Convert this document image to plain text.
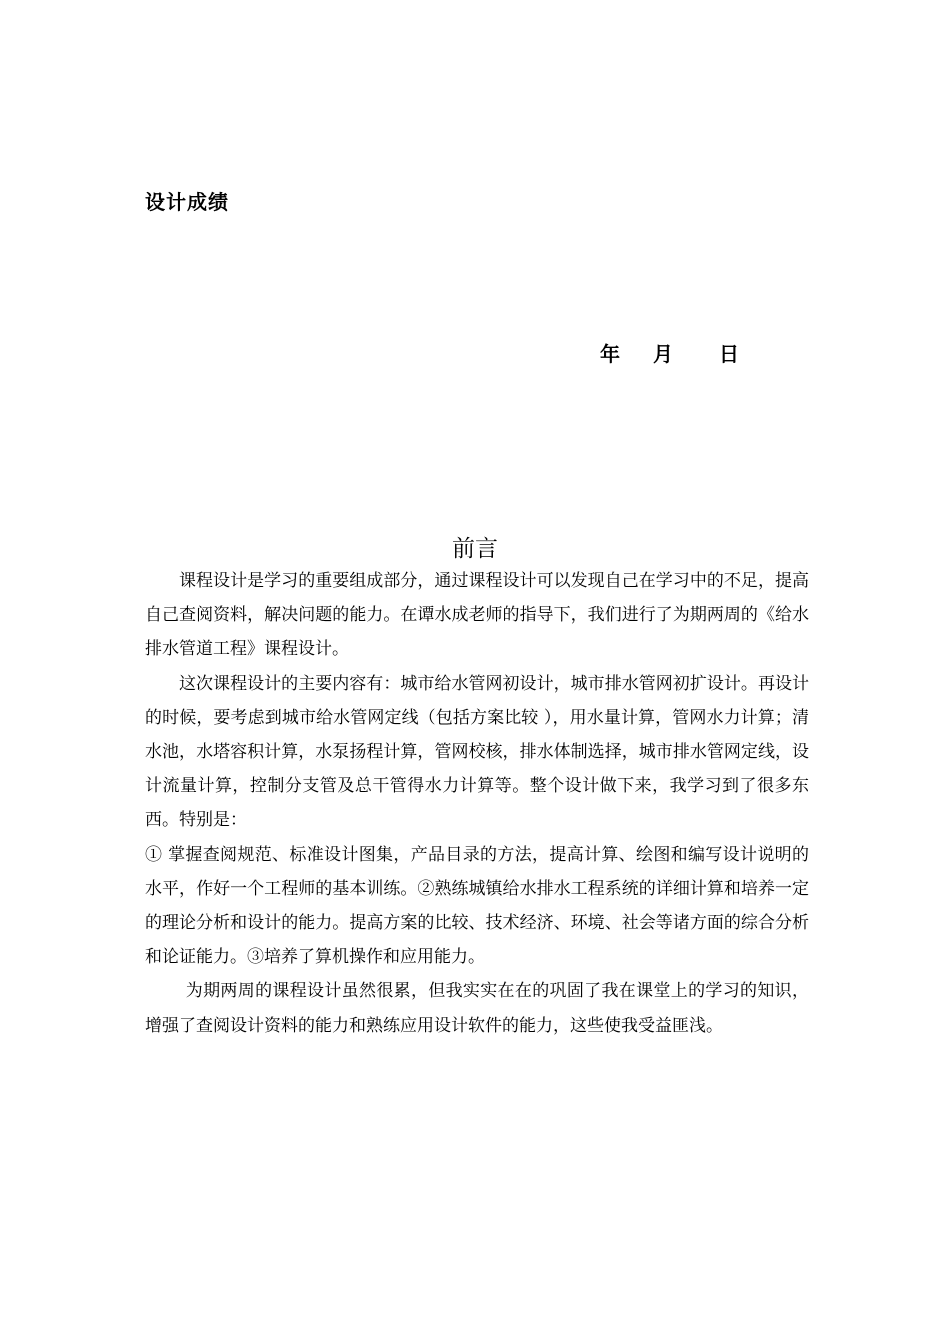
设计成绩
年 月 日
前言

课程设计是学习的重要组成部分，通过课程设计可以发现自己在学习中的不足，提高自己查阅资料，解决问题的能力。在谭水成老师的指导下，我们进行了为期两周的《给水排水管道工程》课程设计。

这次课程设计的主要内容有：城市给水管网初设计，城市排水管网初扩设计。再设计的时候，要考虑到城市给水管网定线（包括方案比较 ），用水量计算，管网水力计算；清水池，水塔容积计算，水泵扬程计算，管网校核，排水体制选择，城市排水管网定线，设计流量计算，控制分支管及总干管得水力计算等。整个设计做下来，我学习到了很多东西。特别是：

① 掌握查阅规范、标准设计图集，产品目录的方法，提高计算、绘图和编写设计说明的水平，作好一个工程师的基本训练。②熟练城镇给水排水工程系统的详细计算和培养一定的理论分析和设计的能力。提高方案的比较、技术经济、环境、社会等诸方面的综合分析和论证能力。③培养了算机操作和应用能力。

为期两周的课程设计虽然很累，但我实实在在的巩固了我在课堂上的学习的知识，增强了查阅设计资料的能力和熟练应用设计软件的能力，这些使我受益匪浅。
